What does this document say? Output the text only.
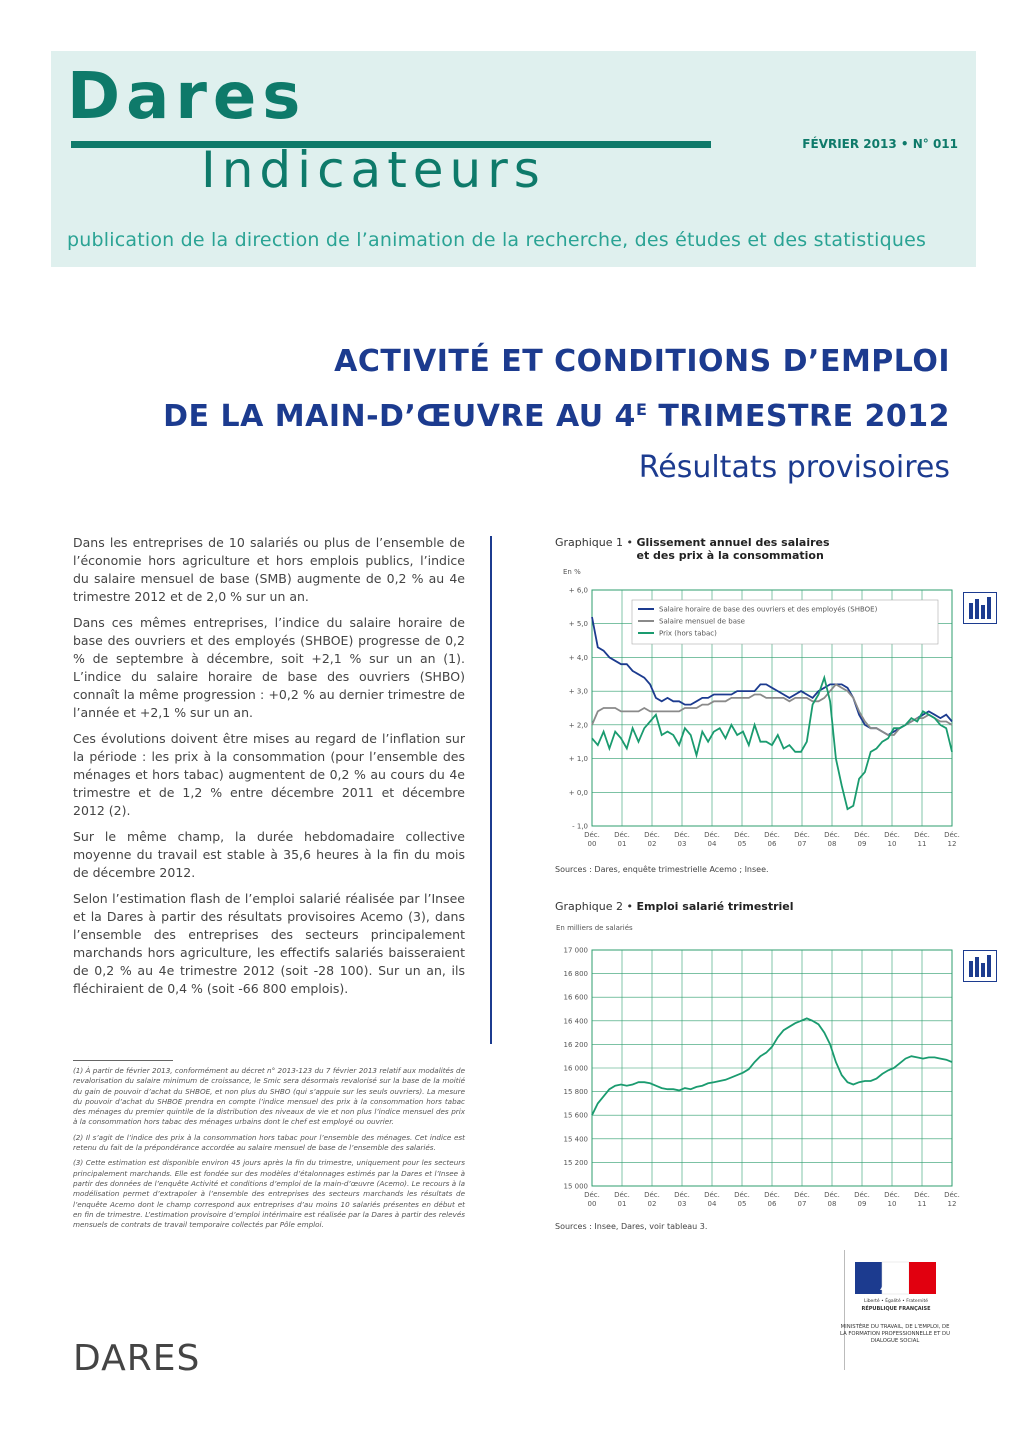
Dares
Indicateurs	FÉVRIER 2013 • N° 011
publication de la direction de l’animation de la recherche, des études et des statistiques
ACTIVITÉ ET CONDITIONS D’EMPLOI
DE LA MAIN-D’ŒUVRE AU $4^E$ TRIMESTRE 2012
Résultats provisoires

Dans les entreprises de 10 salariés ou plus de l’ensemble de l’économie hors agriculture et hors emplois publics, l’indice du salaire mensuel de base (SMB) augmente de 0,2 % au 4e trimestre 2012 et de 2,0 % sur un an.

Dans ces mêmes entreprises, l’indice du salaire horaire de base des ouvriers et des employés (SHBOE) progresse de 0,2 % de septembre à décembre, soit +2,1 % sur un an (1). L’indice du salaire horaire de base des ouvriers (SHBO) connaît la même progression : +0,2 % au dernier trimestre de l’année et +2,1 % sur un an.

Ces évolutions doivent être mises au regard de l’inflation sur la période : les prix à la consommation (pour l’ensemble des ménages et hors tabac) augmentent de 0,2 % au cours du 4e trimestre et de 1,2 % entre décembre 2011 et décembre 2012 (2).

Sur le même champ, la durée hebdomadaire collective moyenne du travail est stable à 35,6 heures à la fin du mois de décembre 2012.

Selon l’estimation flash de l’emploi salarié réalisée par l’Insee et la Dares à partir des résultats provisoires Acemo (3), dans l’ensemble des entreprises des secteurs principalement marchands hors agriculture, les effectifs salariés baisseraient de 0,2 % au 4e trimestre 2012 (soit -28 100). Sur un an, ils fléchiraient de 0,4 % (soit -66 800 emplois).

(1) À partir de février 2013, conformément au décret n° 2013-123 du 7 février 2013 relatif aux modalités de revalorisation du salaire minimum de croissance, le Smic sera désormais revalorisé sur la base de la moitié du gain de pouvoir d’achat du SHBOE, et non plus du SHBO (qui s’appuie sur les seuls ouvriers). La mesure du pouvoir d’achat du SHBOE prendra en compte l’indice mensuel des prix à la consommation hors tabac des ménages du premier quintile de la distribution des niveaux de vie et non plus l’indice mensuel des prix à la consommation hors tabac des ménages urbains dont le chef est employé ou ouvrier.

(2) Il s’agit de l’indice des prix à la consommation hors tabac pour l’ensemble des ménages. Cet indice est retenu du fait de la prépondérance accordée au salaire mensuel de base de l’ensemble des salariés.

(3) Cette estimation est disponible environ 45 jours après la fin du trimestre, uniquement pour les secteurs principalement marchands. Elle est fondée sur des modèles d’étalonnages estimés par la Dares et l’Insee à partir des données de l’enquête Activité et conditions d’emploi de la main-d’œuvre (Acemo). Le recours à la modélisation permet d’extrapoler à l’ensemble des entreprises des secteurs marchands les résultats de l’enquête Acemo dont le champ correspond aux entreprises d’au moins 10 salariés présentes en début et en fin de trimestre. L’estimation provisoire d’emploi intérimaire est réalisée par la Dares à partir des relevés mensuels de contrats de travail temporaire collectés par Pôle emploi.

DARES
Graphique 1 • Glissement annuel des salaires et des prix à la consommation
En %
+ 6,0
+ 5,0
+ 4,0
+ 3,0
+ 2,0
+ 1,0
+ 0,0
- 1,0
Déc.
00
Déc.
01
Déc.
02
Déc.
03
Déc.
04
Déc.
05
Déc.
06
Déc.
07
Déc.
08
Déc.
09
Déc.
10
Déc.
11
Déc.
12
Salaire horaire de base des ouvriers et des employés (SHBOE)
Salaire mensuel de base
Prix (hors tabac)
Sources : Dares, enquête trimestrielle Acemo ; Insee.
Graphique 2 • Emploi salarié trimestriel
En milliers de salariés
17 000
16 800
16 600
16 400
16 200
16 000
15 800
15 600
15 400
15 200
15 000
Déc.
00
Déc.
01
Déc.
02
Déc.
03
Déc.
04
Déc.
05
Déc.
06
Déc.
07
Déc.
08
Déc.
09
Déc.
10
Déc.
11
Déc.
12
Sources : Insee, Dares, voir tableau 3.
Liberté • Égalité • Fraternité
RÉPUBLIQUE FRANÇAISE
MINISTÈRE DU TRAVAIL, DE L’EMPLOI, DE LA FORMATION PROFESSIONNELLE ET DU DIALOGUE SOCIAL
